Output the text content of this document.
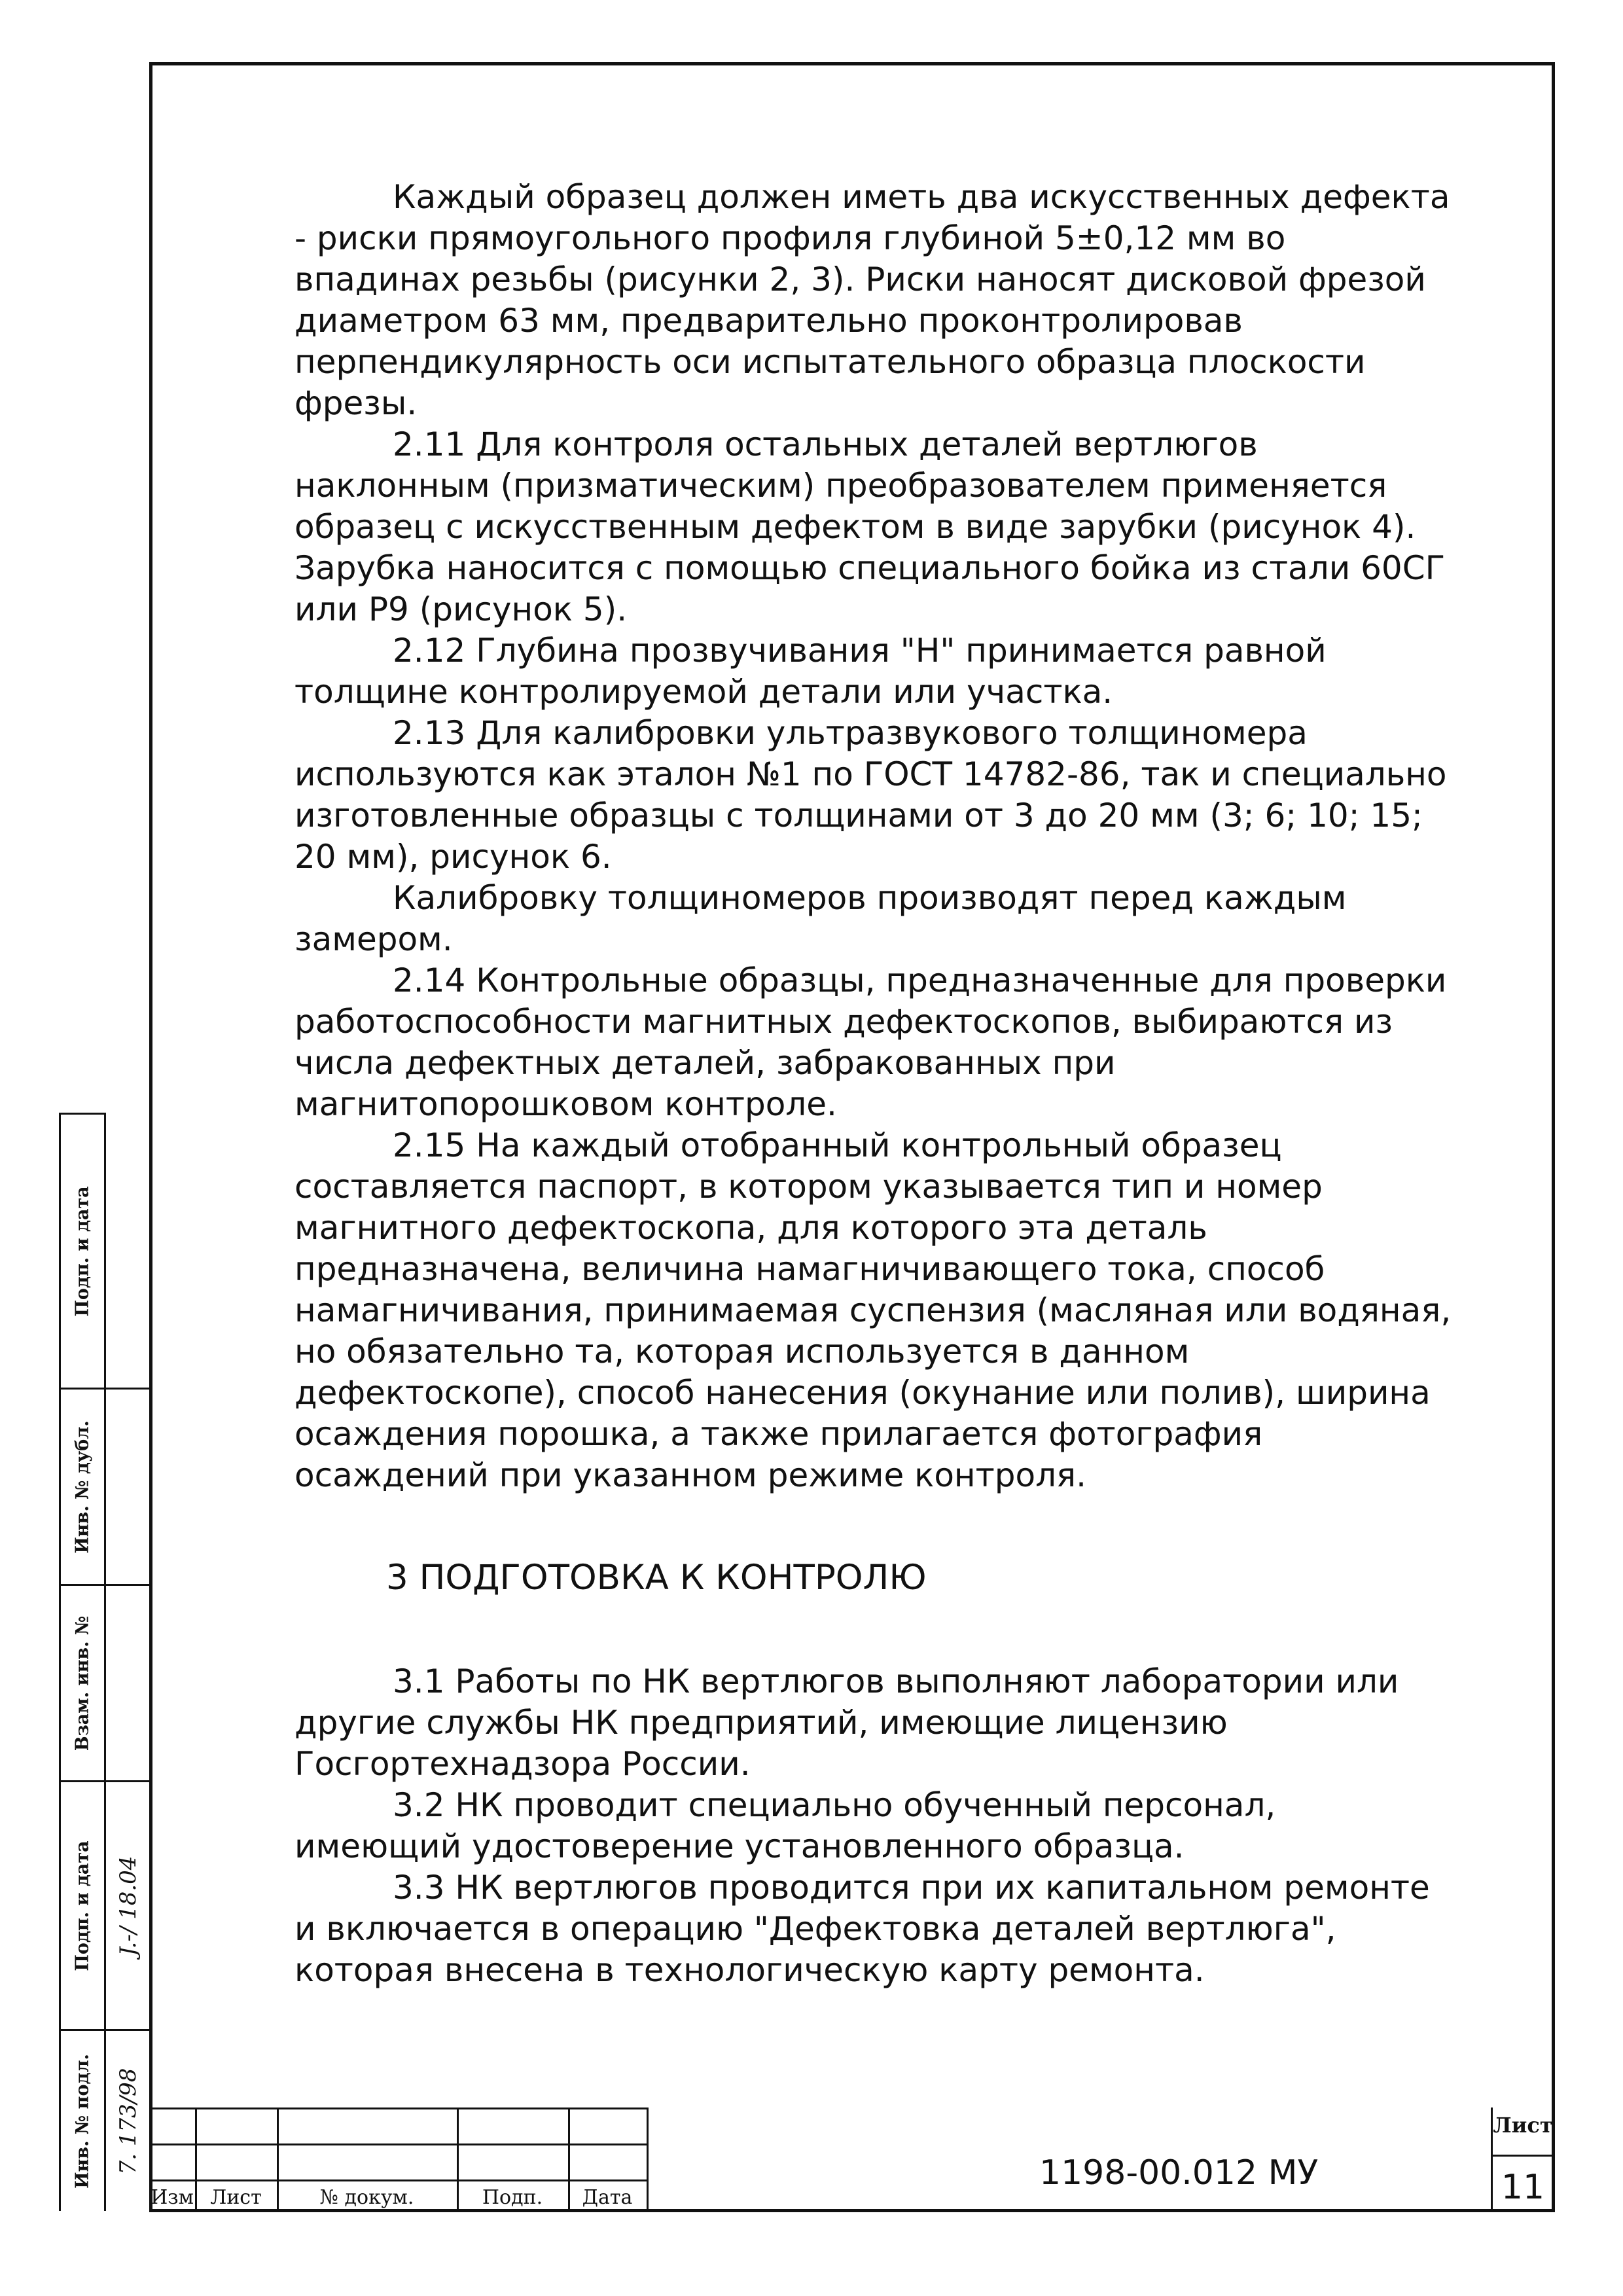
Каждый образец должен иметь два искусственных дефекта - риски прямоугольного профиля глубиной 5±0,12 мм во впадинах резьбы (рисунки 2, 3). Риски наносят дисковой фрезой диаметром 63 мм, предварительно проконтролировав перпендикулярность оси испытательного образца плоскости фрезы.

2.11 Для контроля остальных деталей вертлюгов наклонным (призматическим) преобразователем применяется образец с искусственным дефектом в виде зарубки (рисунок 4). Зарубка наносится с помощью специального бойка из стали 60СГ или Р9 (рисунок 5).

2.12 Глубина прозвучивания "Н" принимается равной толщине контролируемой детали или участка.

2.13 Для калибровки ультразвукового толщиномера используются как эталон №1 по ГОСТ 14782-86, так и специально изготовленные образцы с толщинами от 3 до 20 мм (3; 6; 10; 15; 20 мм), рисунок 6.

Калибровку толщиномеров производят перед каждым замером.

2.14 Контрольные образцы, предназначенные для проверки работоспособности магнитных дефектоскопов, выбираются из числа дефектных деталей, забракованных при магнитопорошковом контроле.

2.15 На каждый отобранный контрольный образец составляется паспорт, в котором указывается тип и номер магнитного дефектоскопа, для которого эта деталь предназначена, величина намагничивающего тока, способ намагничивания, принимаемая суспензия (масляная или водяная, но обязательно та, которая используется в данном дефектоскопе), способ нанесения (окунание или полив), ширина осаждения порошка, а также прилагается фотография осаждений при указанном режиме контроля.

3 ПОДГОТОВКА К КОНТРОЛЮ

3.1 Работы по НК вертлюгов выполняют лаборатории или другие службы НК предприятий, имеющие лицензию Госгортехнадзора России.

3.2 НК проводит специально обученный персонал, имеющий удостоверение установленного образца.

3.3 НК вертлюгов проводится при их капитальном ремонте и включается в операцию "Дефектовка деталей вертлюга", которая внесена в технологическую карту ремонта.

Подп. и дата
Инв. № дубл.
Взам. инв. №
Подп. и дата
Инв. № подл.
J.-/ 18.04
7. 173/98
Изм Лист	№ докум.	Подп.	Дата
1198-00.012 МУ
Лист
11
